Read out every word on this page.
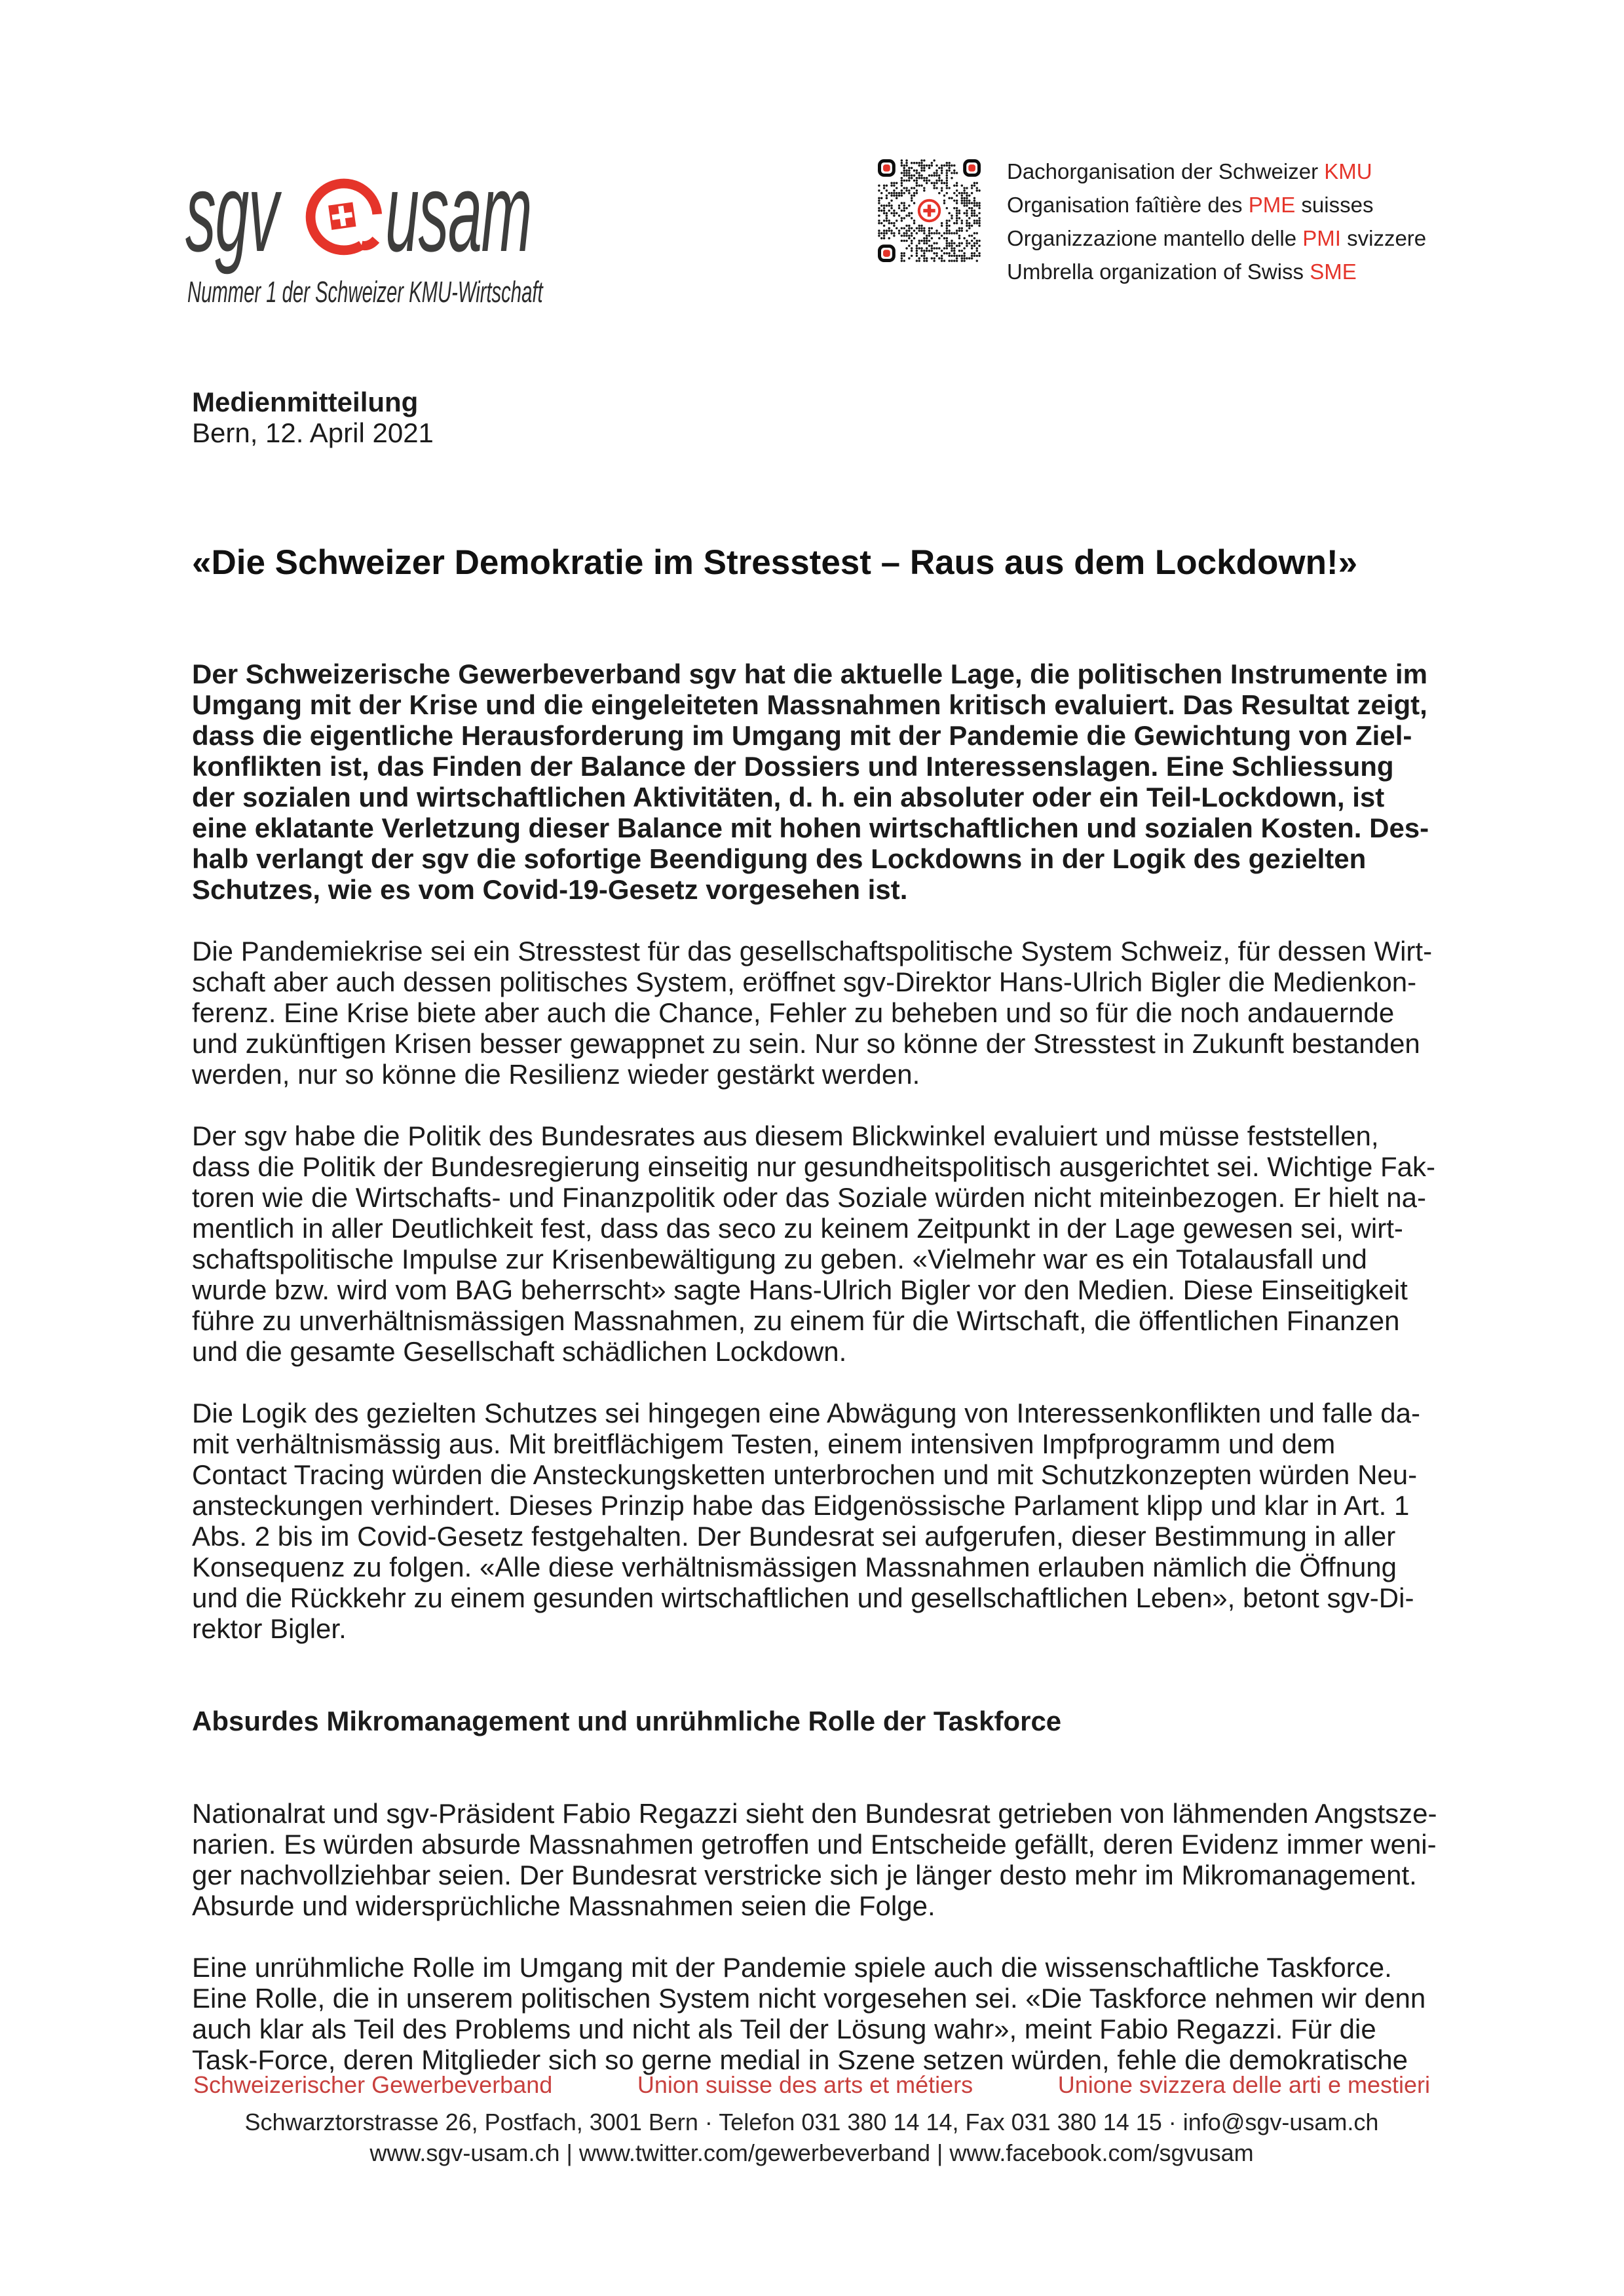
sgv usam
Nummer 1 der Schweizer KMU-Wirtschaft
Dachorganisation der Schweizer KMU
Organisation faîtière des PME suisses
Organizzazione mantello delle PMI svizzere
Umbrella organization of Swiss SME
Medienmitteilung
Bern, 12. April 2021
«Die Schweizer Demokratie im Stresstest – Raus aus dem Lockdown!»
Der Schweizerische Gewerbeverband sgv hat die aktuelle Lage, die politischen Instrumente im
Umgang mit der Krise und die eingeleiteten Massnahmen kritisch evaluiert. Das Resultat zeigt,
dass die eigentliche Herausforderung im Umgang mit der Pandemie die Gewichtung von Ziel-
konflikten ist, das Finden der Balance der Dossiers und Interessenslagen. Eine Schliessung
der sozialen und wirtschaftlichen Aktivitäten, d. h. ein absoluter oder ein Teil-Lockdown, ist
eine eklatante Verletzung dieser Balance mit hohen wirtschaftlichen und sozialen Kosten. Des-
halb verlangt der sgv die sofortige Beendigung des Lockdowns in der Logik des gezielten
Schutzes, wie es vom Covid-19-Gesetz vorgesehen ist.
Die Pandemiekrise sei ein Stresstest für das gesellschaftspolitische System Schweiz, für dessen Wirt-
schaft aber auch dessen politisches System, eröffnet sgv-Direktor Hans-Ulrich Bigler die Medienkon-
ferenz. Eine Krise biete aber auch die Chance, Fehler zu beheben und so für die noch andauernde
und zukünftigen Krisen besser gewappnet zu sein. Nur so könne der Stresstest in Zukunft bestanden
werden, nur so könne die Resilienz wieder gestärkt werden.
Der sgv habe die Politik des Bundesrates aus diesem Blickwinkel evaluiert und müsse feststellen,
dass die Politik der Bundesregierung einseitig nur gesundheitspolitisch ausgerichtet sei. Wichtige Fak-
toren wie die Wirtschafts- und Finanzpolitik oder das Soziale würden nicht miteinbezogen. Er hielt na-
mentlich in aller Deutlichkeit fest, dass das seco zu keinem Zeitpunkt in der Lage gewesen sei, wirt-
schaftspolitische Impulse zur Krisenbewältigung zu geben. «Vielmehr war es ein Totalausfall und
wurde bzw. wird vom BAG beherrscht» sagte Hans-Ulrich Bigler vor den Medien. Diese Einseitigkeit
führe zu unverhältnismässigen Massnahmen, zu einem für die Wirtschaft, die öffentlichen Finanzen
und die gesamte Gesellschaft schädlichen Lockdown.
Die Logik des gezielten Schutzes sei hingegen eine Abwägung von Interessenkonflikten und falle da-
mit verhältnismässig aus. Mit breitflächigem Testen, einem intensiven Impfprogramm und dem
Contact Tracing würden die Ansteckungsketten unterbrochen und mit Schutzkonzepten würden Neu-
ansteckungen verhindert. Dieses Prinzip habe das Eidgenössische Parlament klipp und klar in Art. 1
Abs. 2 bis im Covid-Gesetz festgehalten. Der Bundesrat sei aufgerufen, dieser Bestimmung in aller
Konsequenz zu folgen. «Alle diese verhältnismässigen Massnahmen erlauben nämlich die Öffnung
und die Rückkehr zu einem gesunden wirtschaftlichen und gesellschaftlichen Leben», betont sgv-Di-
rektor Bigler.
Absurdes Mikromanagement und unrühmliche Rolle der Taskforce
Nationalrat und sgv-Präsident Fabio Regazzi sieht den Bundesrat getrieben von lähmenden Angstsze-
narien. Es würden absurde Massnahmen getroffen und Entscheide gefällt, deren Evidenz immer weni-
ger nachvollziehbar seien. Der Bundesrat verstricke sich je länger desto mehr im Mikromanagement.
Absurde und widersprüchliche Massnahmen seien die Folge.
Eine unrühmliche Rolle im Umgang mit der Pandemie spiele auch die wissenschaftliche Taskforce.
Eine Rolle, die in unserem politischen System nicht vorgesehen sei. «Die Taskforce nehmen wir denn
auch klar als Teil des Problems und nicht als Teil der Lösung wahr», meint Fabio Regazzi. Für die
Task-Force, deren Mitglieder sich so gerne medial in Szene setzen würden, fehle die demokratische
Schweizerischer Gewerbeverband	Union suisse des arts et métiers	Unione svizzera delle arti e mestieri
Schwarztorstrasse 26, Postfach, 3001 Bern · Telefon 031 380 14 14, Fax 031 380 14 15 · info@sgv-usam.ch
www.sgv-usam.ch | www.twitter.com/gewerbeverband | www.facebook.com/sgvusam
